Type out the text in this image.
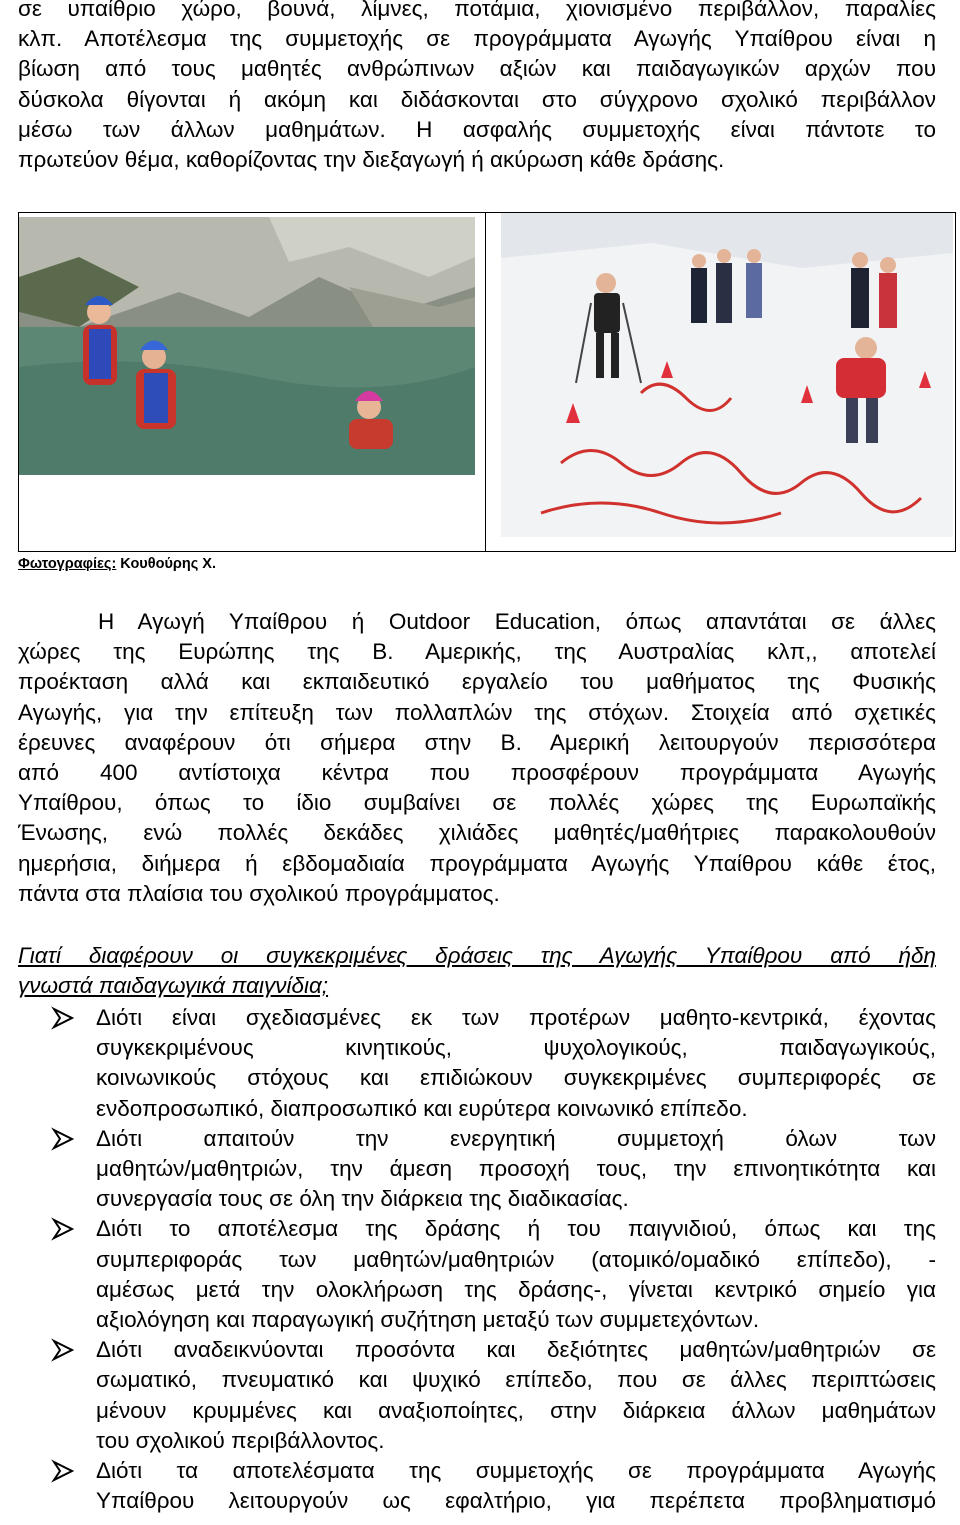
σε υπαίθριο χώρο, βουνά, λίμνες, ποτάμια, χιονισμένο περιβάλλον, παραλίες
κλπ. Αποτέλεσμα της συμμετοχής σε προγράμματα Αγωγής Υπαίθρου είναι η
βίωση από τους μαθητές ανθρώπινων αξιών και παιδαγωγικών αρχών που
δύσκολα θίγονται ή ακόμη και διδάσκονται στο σύγχρονο σχολικό περιβάλλον
μέσω των άλλων μαθημάτων. Η ασφαλής συμμετοχής είναι πάντοτε το
πρωτεύον θέμα, καθορίζοντας την διεξαγωγή ή ακύρωση κάθε δράσης.
Φωτογραφίες: Κουθούρης Χ.
Η Αγωγή Υπαίθρου ή Outdoor Education, όπως απαντάται σε άλλες
χώρες της Ευρώπης της Β. Αμερικής, της Αυστραλίας κλπ,, αποτελεί
προέκταση αλλά και εκπαιδευτικό εργαλείο του μαθήματος της Φυσικής
Αγωγής, για την επίτευξη των πολλαπλών της στόχων. Στοιχεία από σχετικές
έρευνες αναφέρουν ότι σήμερα στην Β. Αμερική λειτουργούν περισσότερα
από 400 αντίστοιχα κέντρα που προσφέρουν προγράμματα Αγωγής
Υπαίθρου, όπως το ίδιο συμβαίνει σε πολλές χώρες της Ευρωπαϊκής
Ένωσης, ενώ πολλές δεκάδες χιλιάδες μαθητές/μαθήτριες παρακολουθούν
ημερήσια, διήμερα ή εβδομαδιαία προγράμματα Αγωγής Υπαίθρου κάθε έτος,
πάντα στα πλαίσια του σχολικού προγράμματος.
Γιατί διαφέρουν οι συγκεκριμένες δράσεις της Αγωγής Υπαίθρου από ήδη
γνωστά παιδαγωγικά παιγνίδια;
Διότι είναι σχεδιασμένες εκ των προτέρων μαθητο-κεντρικά, έχοντας
συγκεκριμένους κινητικούς, ψυχολογικούς, παιδαγωγικούς,
κοινωνικούς στόχους και επιδιώκουν συγκεκριμένες συμπεριφορές σε
ενδοπροσωπικό, διαπροσωπικό και ευρύτερα κοινωνικό επίπεδο.
Διότι απαιτούν την ενεργητική συμμετοχή όλων των
μαθητών/μαθητριών, την άμεση προσοχή τους, την επινοητικότητα και
συνεργασία τους σε όλη την διάρκεια της διαδικασίας.
Διότι το αποτέλεσμα της δράσης ή του παιγνιδιού, όπως και της
συμπεριφοράς των μαθητών/μαθητριών (ατομικό/ομαδικό επίπεδο), -
αμέσως μετά την ολοκλήρωση της δράσης-, γίνεται κεντρικό σημείο για
αξιολόγηση και παραγωγική συζήτηση μεταξύ των συμμετεχόντων.
Διότι αναδεικνύονται προσόντα και δεξιότητες μαθητών/μαθητριών σε
σωματικό, πνευματικό και ψυχικό επίπεδο, που σε άλλες περιπτώσεις
μένουν κρυμμένες και αναξιοποίητες, στην διάρκεια άλλων μαθημάτων
του σχολικού περιβάλλοντος.
Διότι τα αποτελέσματα της συμμετοχής σε προγράμματα Αγωγής
Υπαίθρου λειτουργούν ως εφαλτήριο, για περέπετα προβληματισμό
